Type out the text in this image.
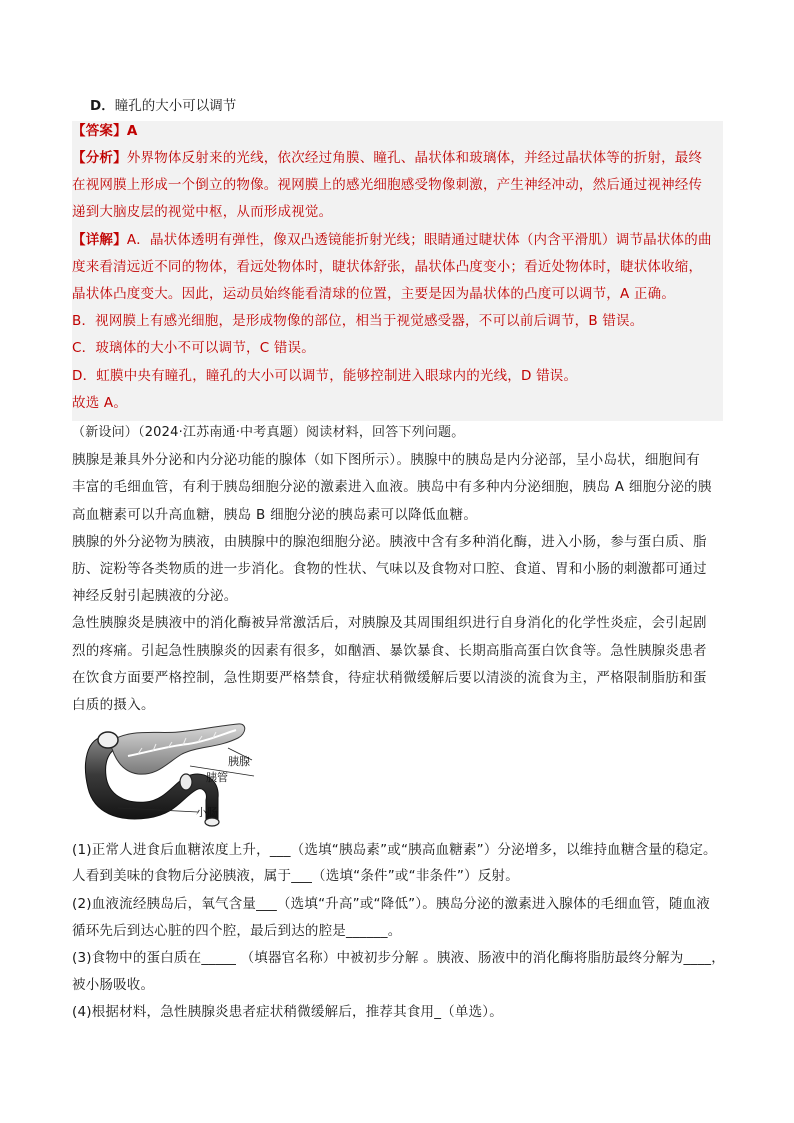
D．瞳孔的大小可以调节
【答案】A
【分析】外界物体反射来的光线，依次经过角膜、瞳孔、晶状体和玻璃体，并经过晶状体等的折射，最终
在视网膜上形成一个倒立的物像。视网膜上的感光细胞感受物像刺激，产生神经冲动，然后通过视神经传
递到大脑皮层的视觉中枢，从而形成视觉。
【详解】A．晶状体透明有弹性，像双凸透镜能折射光线；眼睛通过睫状体（内含平滑肌）调节晶状体的曲
度来看清远近不同的物体，看远处物体时，睫状体舒张，晶状体凸度变小；看近处物体时，睫状体收缩，
晶状体凸度变大。因此，运动员始终能看清球的位置，主要是因为晶状体的凸度可以调节，A 正确。
B．视网膜上有感光细胞，是形成物像的部位，相当于视觉感受器，不可以前后调节，B 错误。
C．玻璃体的大小不可以调节，C 错误。
D．虹膜中央有瞳孔，瞳孔的大小可以调节，能够控制进入眼球内的光线，D 错误。
故选 A。
（新设问）（2024·江苏南通·中考真题）阅读材料，回答下列问题。
胰腺是兼具外分泌和内分泌功能的腺体（如下图所示）。胰腺中的胰岛是内分泌部，呈小岛状，细胞间有
丰富的毛细血管，有利于胰岛细胞分泌的激素进入血液。胰岛中有多种内分泌细胞，胰岛 A 细胞分泌的胰
高血糖素可以升高血糖，胰岛 B 细胞分泌的胰岛素可以降低血糖。
胰腺的外分泌物为胰液，由胰腺中的腺泡细胞分泌。胰液中含有多种消化酶，进入小肠，参与蛋白质、脂
肪、淀粉等各类物质的进一步消化。食物的性状、气味以及食物对口腔、食道、胃和小肠的刺激都可通过
神经反射引起胰液的分泌。
急性胰腺炎是胰液中的消化酶被异常激活后，对胰腺及其周围组织进行自身消化的化学性炎症，会引起剧
烈的疼痛。引起急性胰腺炎的因素有很多，如酗酒、暴饮暴食、长期高脂高蛋白饮食等。急性胰腺炎患者
在饮食方面要严格控制，急性期要严格禁食，待症状稍微缓解后要以清淡的流食为主，严格限制脂肪和蛋
白质的摄入。
胰腺
胰管
小肠
(1)正常人进食后血糖浓度上升，___（选填“胰岛素”或“胰高血糖素”）分泌增多，以维持血糖含量的稳定。
人看到美味的食物后分泌胰液，属于___（选填“条件”或“非条件”）反射。
(2)血液流经胰岛后，氧气含量___（选填“升高”或“降低”）。胰岛分泌的激素进入腺体的毛细血管，随血液
循环先后到达心脏的四个腔，最后到达的腔是______。
(3)食物中的蛋白质在_____ （填器官名称）中被初步分解 。胰液、肠液中的消化酶将脂肪最终分解为____，
被小肠吸收。
(4)根据材料，急性胰腺炎患者症状稍微缓解后，推荐其食用_（单选）。
